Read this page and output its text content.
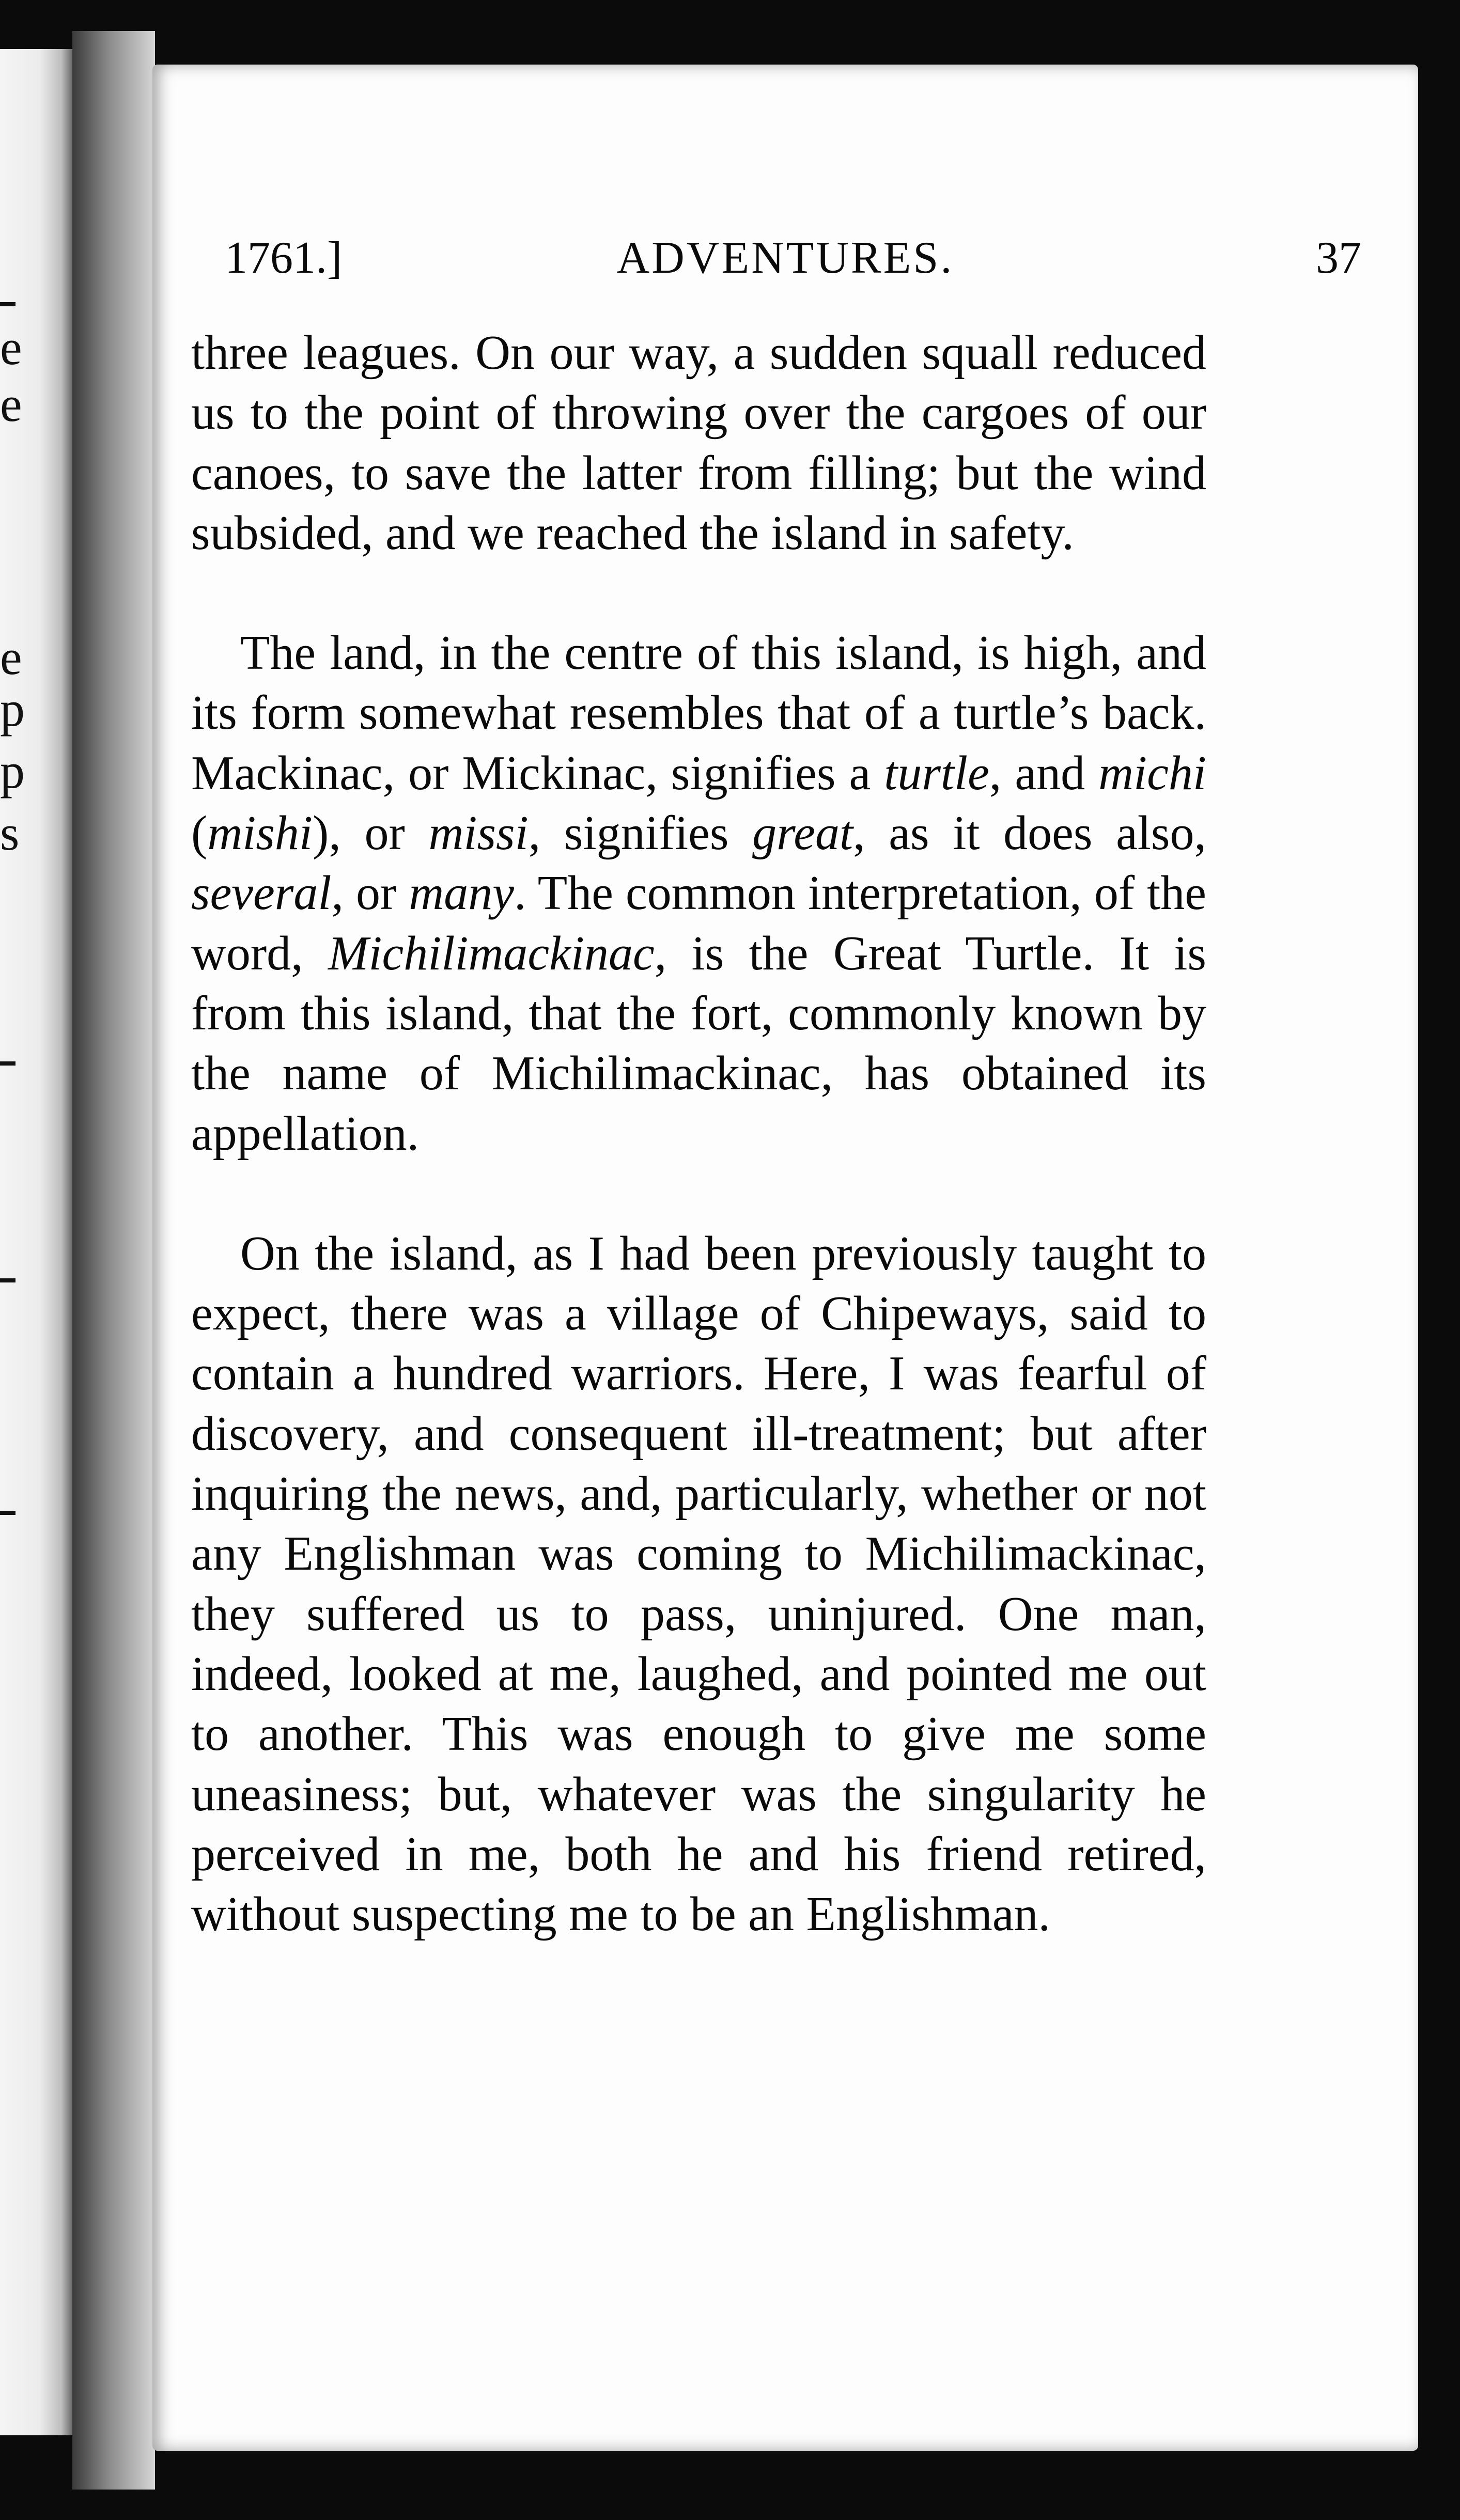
e
e
e
p
p
s
1761.]	ADVENTURES.	37

three leagues. On our way, a sudden squall reduced us to the point of throwing over the cargoes of our canoes, to save the latter from filling; but the wind subsided, and we reached the island in safety.

The land, in the centre of this island, is high, and its form somewhat resembles that of a turtle’s back. Mackinac, or Mickinac, signifies a turtle, and michi (mishi), or missi, signifies great, as it does also, several, or many. The common interpretation, of the word, Michilimackinac, is the Great Turtle. It is from this island, that the fort, commonly known by the name of Michilimackinac, has obtained its appellation.

On the island, as I had been previously taught to expect, there was a village of Chipeways, said to contain a hundred warriors. Here, I was fearful of discovery, and consequent ill-treatment; but after inquiring the news, and, particularly, whether or not any Englishman was coming to Michilimackinac, they suffered us to pass, uninjured. One man, indeed, looked at me, laughed, and pointed me out to another. This was enough to give me some uneasiness; but, whatever was the singularity he perceived in me, both he and his friend retired, without suspecting me to be an Englishman.
